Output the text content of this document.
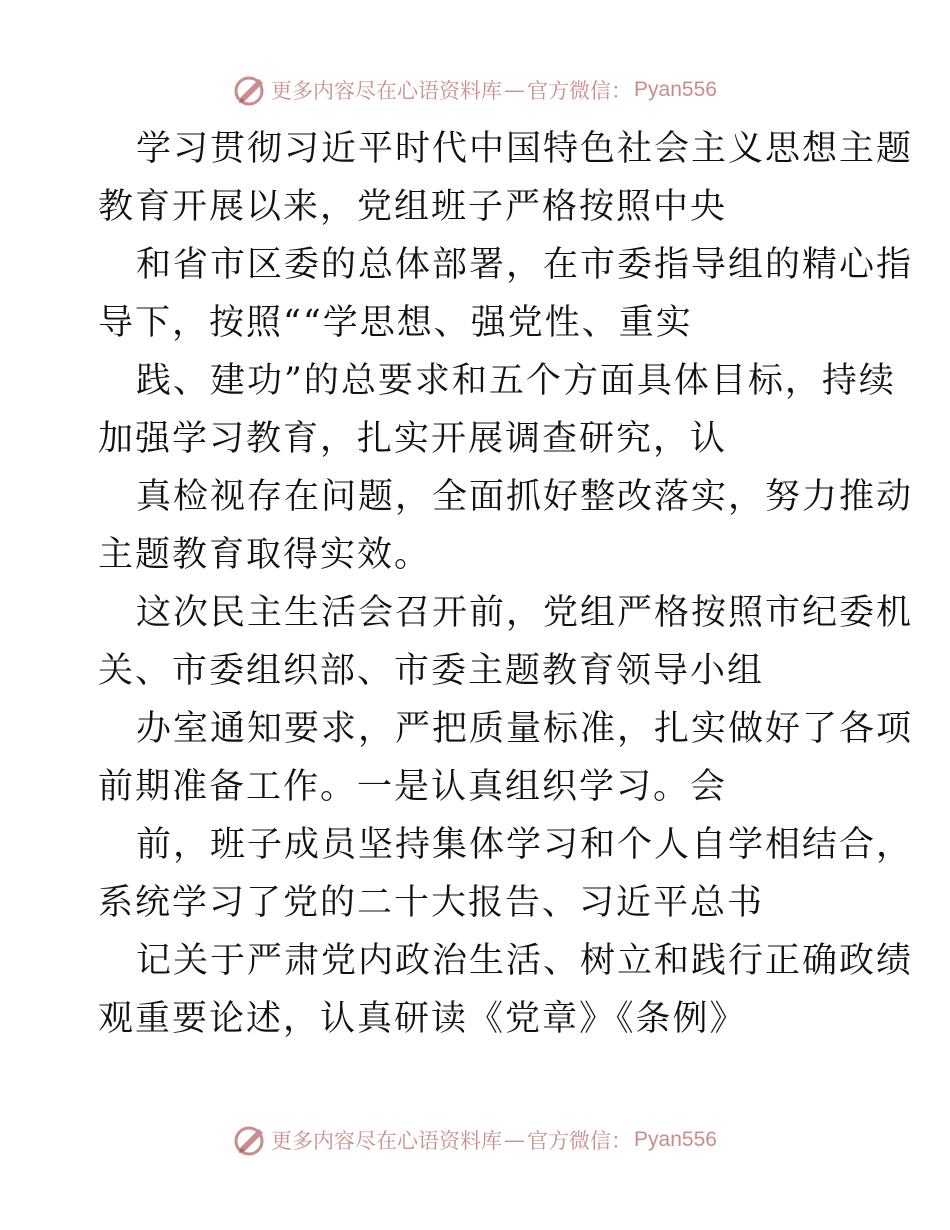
更多内容尽在心语资料库 — 官方微信： Pyan556
学习贯彻习近平时代中国特色社会主义思想主题
教育开展以来，党组班子严格按照中央
和省市区委的总体部署，在市委指导组的精心指
导下，按照““学思想、强党性、重实
践、建功”的总要求和五个方面具体目标，持续
加强学习教育，扎实开展调查研究，认
真检视存在问题，全面抓好整改落实，努力推动
主题教育取得实效。
这次民主生活会召开前，党组严格按照市纪委机
关、市委组织部、市委主题教育领导小组
办室通知要求，严把质量标准，扎实做好了各项
前期准备工作。一是认真组织学习。会
前，班子成员坚持集体学习和个人自学相结合，
系统学习了党的二十大报告、习近平总书
记关于严肃党内政治生活、树立和践行正确政绩
观重要论述，认真研读《党章》《条例》
更多内容尽在心语资料库 — 官方微信： Pyan556
